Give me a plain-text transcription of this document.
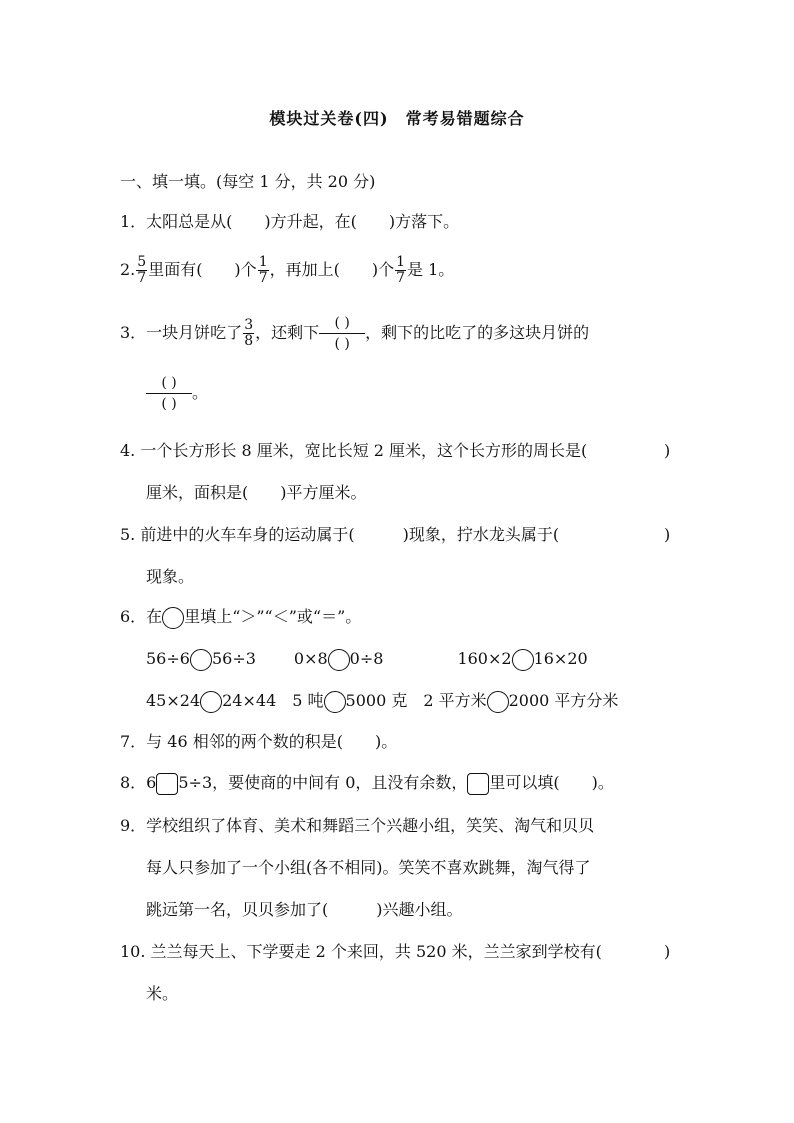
模块过关卷(四)　常考易错题综合
一、填一填。(每空 1 分，共 20 分)
1．太阳总是从(　　)方升起，在(　　)方落下。
2. $\frac{5}{7}$ 里面有(　　)个 $\frac{1}{7}$ ，再加上(　　)个 $\frac{1}{7}$ 是 1。
3．一块月饼吃了 $\frac{3}{8}$ ，还剩下 $\frac{( )}{( )}$ ，剩下的比吃了的多这块月饼的
$\frac{( )}{( )}$ 。
4. 一个长方形长 8 厘米，宽比长短 2 厘米，这个长方形的周长是(	)
厘米，面积是(　　)平方厘米。
5. 前进中的火车车身的运动属于(　　　)现象，拧水龙头属于(	)
现象。
6．在 里填上“＞”“＜”或“＝”。
56÷6 56÷3 0×8 0÷8	160×2 16×20
45×24 24×44 5 吨 5000 克 2 平方米 2000 平方分米
7．与 46 相邻的两个数的积是(　　)。
8．6 5÷3，要使商的中间有 0，且没有余数， 里可以填(　　)。
9．学校组织了体育、美术和舞蹈三个兴趣小组，笑笑、淘气和贝贝
每人只参加了一个小组(各不相同)。笑笑不喜欢跳舞，淘气得了
跳远第一名，贝贝参加了(　　　)兴趣小组。
10. 兰兰每天上、下学要走 2 个来回，共 520 米，兰兰家到学校有(	)
米。
